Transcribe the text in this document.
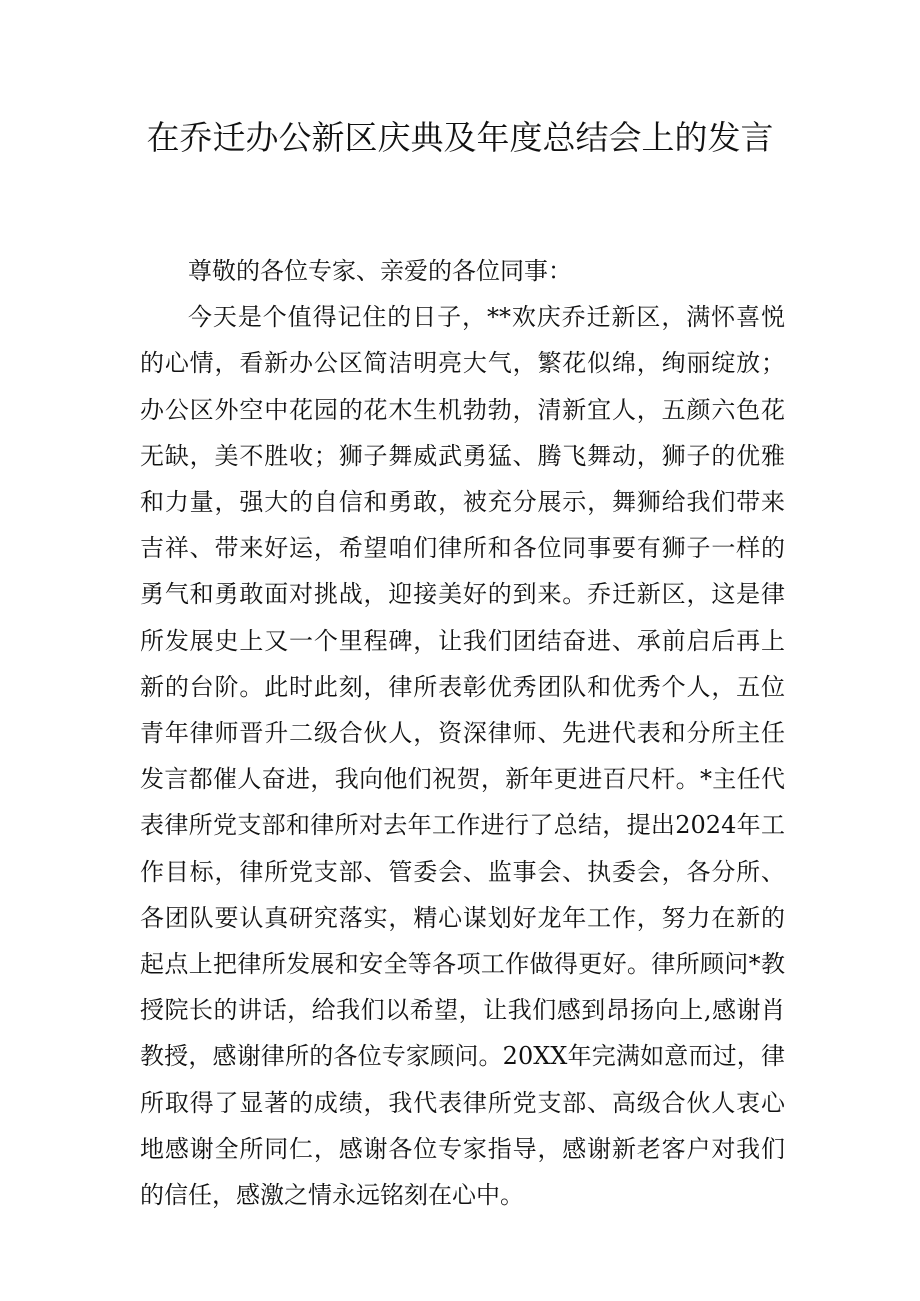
在乔迁办公新区庆典及年度总结会上的发言

尊敬的各位专家、亲爱的各位同事：

今天是个值得记住的日子，**欢庆乔迁新区，满怀喜悦的心情，看新办公区简洁明亮大气，繁花似绵，绚丽绽放；办公区外空中花园的花木生机勃勃，清新宜人，五颜六色花无缺，美不胜收；狮子舞威武勇猛、腾飞舞动，狮子的优雅和力量，强大的自信和勇敢，被充分展示，舞狮给我们带来吉祥、带来好运，希望咱们律所和各位同事要有狮子一样的勇气和勇敢面对挑战，迎接美好的到来。乔迁新区，这是律所发展史上又一个里程碑，让我们团结奋进、承前启后再上新的台阶。此时此刻，律所表彰优秀团队和优秀个人，五位青年律师晋升二级合伙人，资深律师、先进代表和分所主任发言都催人奋进，我向他们祝贺，新年更进百尺杆。*主任代表律所党支部和律所对去年工作进行了总结，提出2024年工作目标，律所党支部、管委会、监事会、执委会，各分所、各团队要认真研究落实，精心谋划好龙年工作，努力在新的起点上把律所发展和安全等各项工作做得更好。律所顾问*教授院长的讲话，给我们以希望，让我们感到昂扬向上,感谢肖教授，感谢律所的各位专家顾问。20XX年完满如意而过，律所取得了显著的成绩，我代表律所党支部、高级合伙人衷心地感谢全所同仁，感谢各位专家指导，感谢新老客户对我们的信任，感激之情永远铭刻在心中。
